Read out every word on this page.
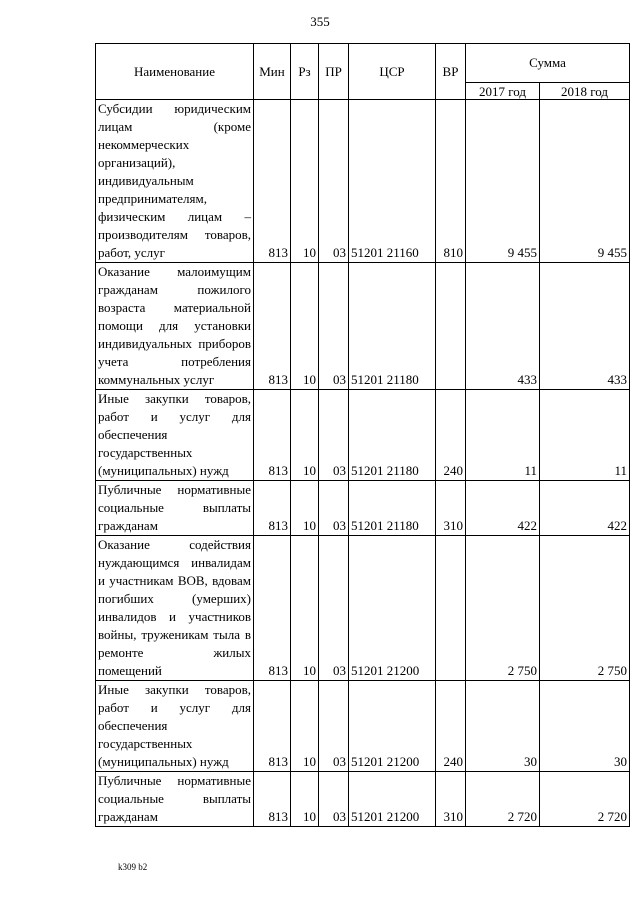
355
Наименование	Мин	Рз	ПР	ЦСР	ВР	Сумма	
						2017 год	2018 год
Субсидии юридическим лицам (кроме некоммерческих организаций), индивидуальным предпринимателям, физическим лицам – производителям товаров, работ, услуг	813	10	03	51201 21160	810	9 455	9 455
Оказание малоимущим гражданам пожилого возраста материальной помощи для установки индивидуальных приборов учета потребления коммунальных услуг	813	10	03	51201 21180		433	433
Иные закупки товаров, работ и услуг для обеспечения государственных (муниципальных) нужд	813	10	03	51201 21180	240	11	11
Публичные нормативные социальные выплаты гражданам	813	10	03	51201 21180	310	422	422
Оказание содействия нуждающимся инвалидам и участникам ВОВ, вдовам погибших (умерших) инвалидов и участников войны, труженикам тыла в ремонте жилых помещений	813	10	03	51201 21200		2 750	2 750
Иные закупки товаров, работ и услуг для обеспечения государственных (муниципальных) нужд	813	10	03	51201 21200	240	30	30
Публичные нормативные социальные выплаты гражданам	813	10	03	51201 21200	310	2 720	2 720
k309 b2
